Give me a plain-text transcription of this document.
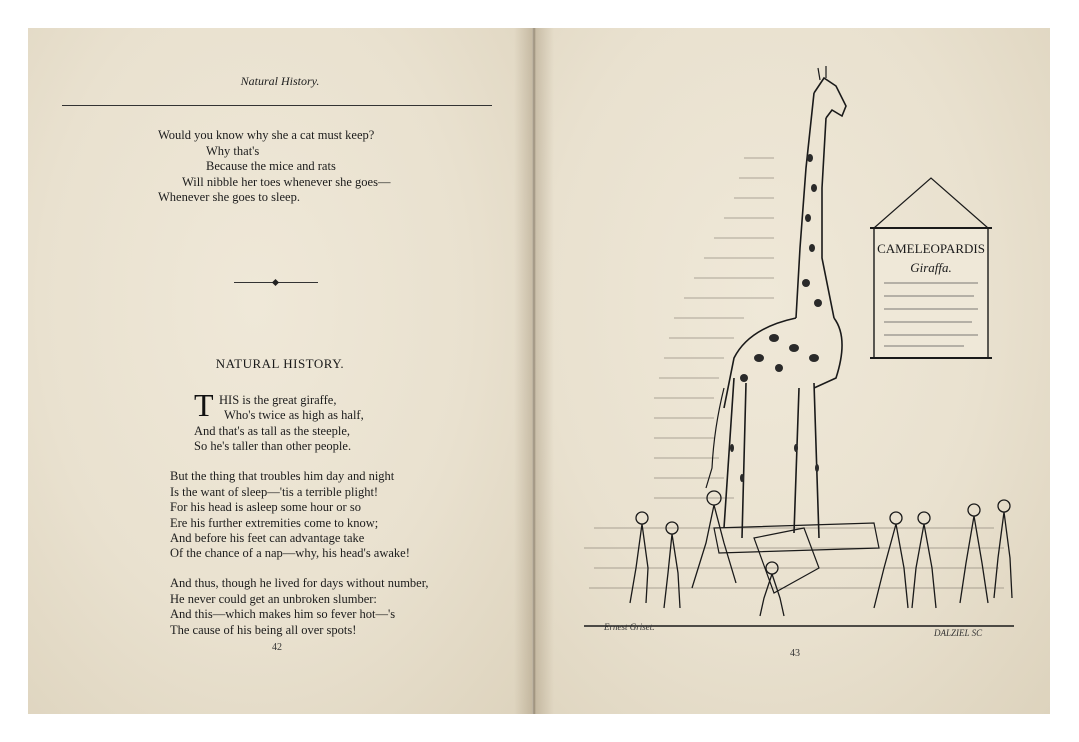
Natural History.
Would you know why she a cat must keep?
Why that's
Because the mice and rats
Will nibble her toes whenever she goes—
Whenever she goes to sleep.
NATURAL HISTORY.
T HIS is the great giraffe,
Who's twice as high as half,
And that's as tall as the steeple,
So he's taller than other people.
But the thing that troubles him day and night
Is the want of sleep—'tis a terrible plight!
For his head is asleep some hour or so
Ere his further extremities come to know;
And before his feet can advantage take
Of the chance of a nap—why, his head's awake!
And thus, though he lived for days without number,
He never could get an unbroken slumber:
And this—which makes him so fever hot—'s
The cause of his being all over spots!
42
CAMELEOPARDIS
Giraffa.
Ernest Griset.
DALZIEL SC
43
